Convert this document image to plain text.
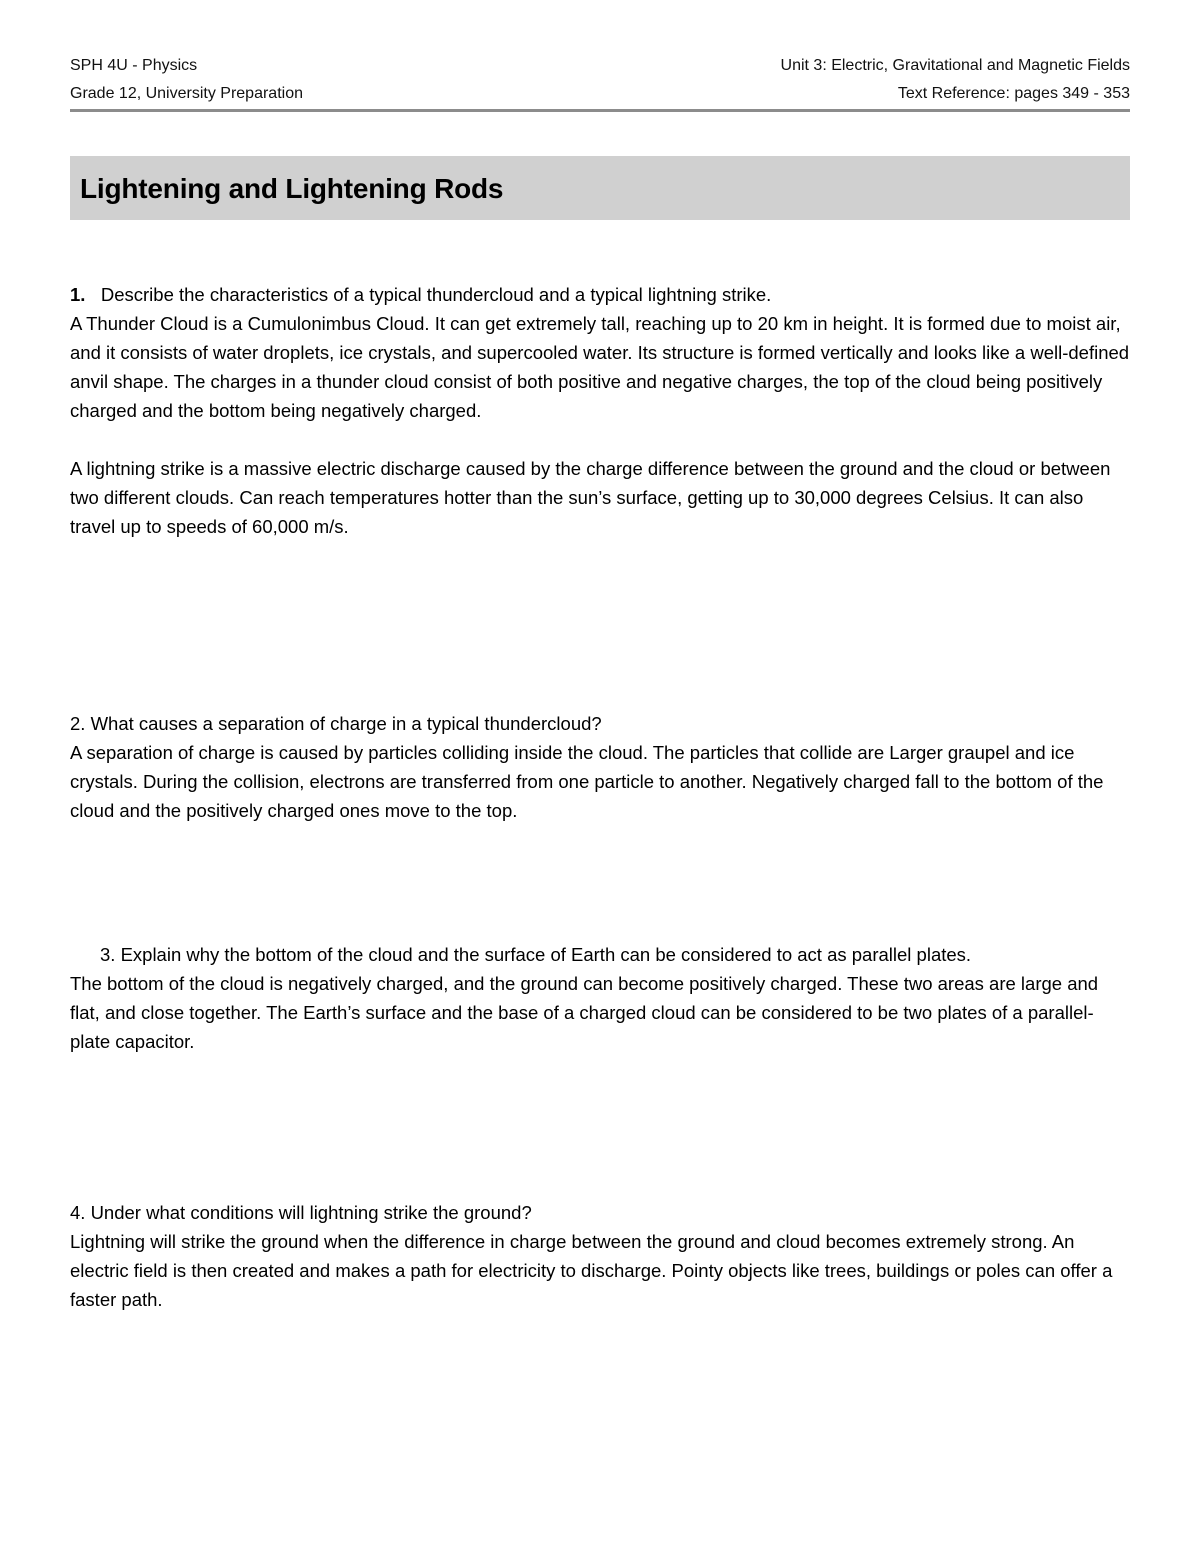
SPH 4U - Physics	Unit 3: Electric, Gravitational and Magnetic Fields
Grade 12, University Preparation	Text Reference: pages 349 - 353
Lightening and Lightening Rods

1. Describe the characteristics of a typical thundercloud and a typical lightning strike.

A Thunder Cloud is a Cumulonimbus Cloud. It can get extremely tall, reaching up to 20 km in height. It is formed due to moist air, and it consists of water droplets, ice crystals, and supercooled water. Its structure is formed vertically and looks like a well-defined anvil shape. The charges in a thunder cloud consist of both positive and negative charges, the top of the cloud being positively charged and the bottom being negatively charged.

A lightning strike is a massive electric discharge caused by the charge difference between the ground and the cloud or between two different clouds. Can reach temperatures hotter than the sun’s surface, getting up to 30,000 degrees Celsius. It can also travel up to speeds of 60,000 m/s.

2. What causes a separation of charge in a typical thundercloud?

A separation of charge is caused by particles colliding inside the cloud. The particles that collide are Larger graupel and ice crystals. During the collision, electrons are transferred from one particle to another. Negatively charged fall to the bottom of the cloud and the positively charged ones move to the top.

3. Explain why the bottom of the cloud and the surface of Earth can be considered to act as parallel plates.

The bottom of the cloud is negatively charged, and the ground can become positively charged. These two areas are large and flat, and close together. The Earth’s surface and the base of a charged cloud can be considered to be two plates of a parallel-plate capacitor.

4. Under what conditions will lightning strike the ground?

Lightning will strike the ground when the difference in charge between the ground and cloud becomes extremely strong. An electric field is then created and makes a path for electricity to discharge. Pointy objects like trees, buildings or poles can offer a faster path.
